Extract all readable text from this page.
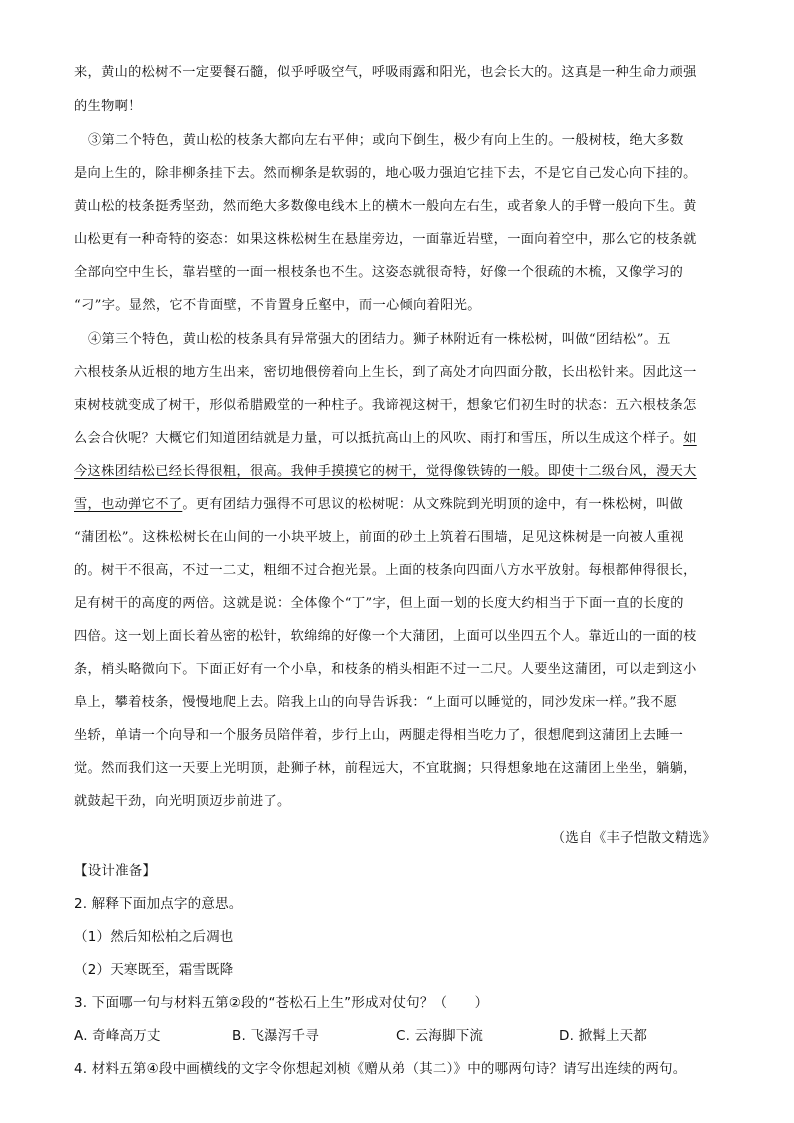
来，黄山的松树不一定要餐石髓，似乎呼吸空气，呼吸雨露和阳光，也会长大的。这真是一种生命力顽强
的生物啊！
③第二个特色，黄山松的枝条大都向左右平伸；或向下倒生，极少有向上生的。一般树枝，绝大多数
是向上生的，除非柳条挂下去。然而柳条是软弱的，地心吸力强迫它挂下去，不是它自己发心向下挂的。
黄山松的枝条挺秀坚劲，然而绝大多数像电线木上的横木一般向左右生，或者象人的手臂一般向下生。黄
山松更有一种奇特的姿态：如果这株松树生在悬崖旁边，一面靠近岩壁，一面向着空中，那么它的枝条就
全部向空中生长，靠岩壁的一面一根枝条也不生。这姿态就很奇特，好像一个很疏的木梳，又像学习的
“刁”字。显然，它不肯面壁，不肯置身丘壑中，而一心倾向着阳光。
④第三个特色，黄山松的枝条具有异常强大的团结力。狮子林附近有一株松树，叫做“团结松”。五
六根枝条从近根的地方生出来，密切地偎傍着向上生长，到了高处才向四面分散，长出松针来。因此这一
束树枝就变成了树干，形似希腊殿堂的一种柱子。我谛视这树干，想象它们初生时的状态：五六根枝条怎
么会合伙呢？大概它们知道团结就是力量，可以抵抗高山上的风吹、雨打和雪压，所以生成这个样子。如
今这株团结松已经长得很粗，很高。我伸手摸摸它的树干，觉得像铁铸的一般。即使十二级台风，漫天大
雪，也动弹它不了。更有团结力强得不可思议的松树呢：从文殊院到光明顶的途中，有一株松树，叫做
“蒲团松”。这株松树长在山间的一小块平坡上，前面的砂土上筑着石围墙，足见这株树是一向被人重视
的。树干不很高，不过一二丈，粗细不过合抱光景。上面的枝条向四面八方水平放射。每根都伸得很长，
足有树干的高度的两倍。这就是说：全体像个“丁”字，但上面一划的长度大约相当于下面一直的长度的
四倍。这一划上面长着丛密的松针，软绵绵的好像一个大蒲团，上面可以坐四五个人。靠近山的一面的枝
条，梢头略微向下。下面正好有一个小阜，和枝条的梢头相距不过一二尺。人要坐这蒲团，可以走到这小
阜上，攀着枝条，慢慢地爬上去。陪我上山的向导告诉我：“上面可以睡觉的，同沙发床一样。”我不愿
坐轿，单请一个向导和一个服务员陪伴着，步行上山，两腿走得相当吃力了，很想爬到这蒲团上去睡一
觉。然而我们这一天要上光明顶，赴狮子林，前程远大，不宜耽搁；只得想象地在这蒲团上坐坐，躺躺，
就鼓起干劲，向光明顶迈步前进了。
（选自《丰子恺散文精选》
【设计准备】
2. 解释下面加点字的意思。
（1）然后知松柏之后凋也
（2）天寒既至，霜雪既降
3. 下面哪一句与材料五第②段的“苍松石上生”形成对仗句？（　　）
A. 奇峰高万丈	B. 飞瀑泻千寻	C. 云海脚下流	D. 掀髯上天都
4. 材料五第④段中画横线的文字令你想起刘桢《赠从弟（其二）》中的哪两句诗？请写出连续的两句。
